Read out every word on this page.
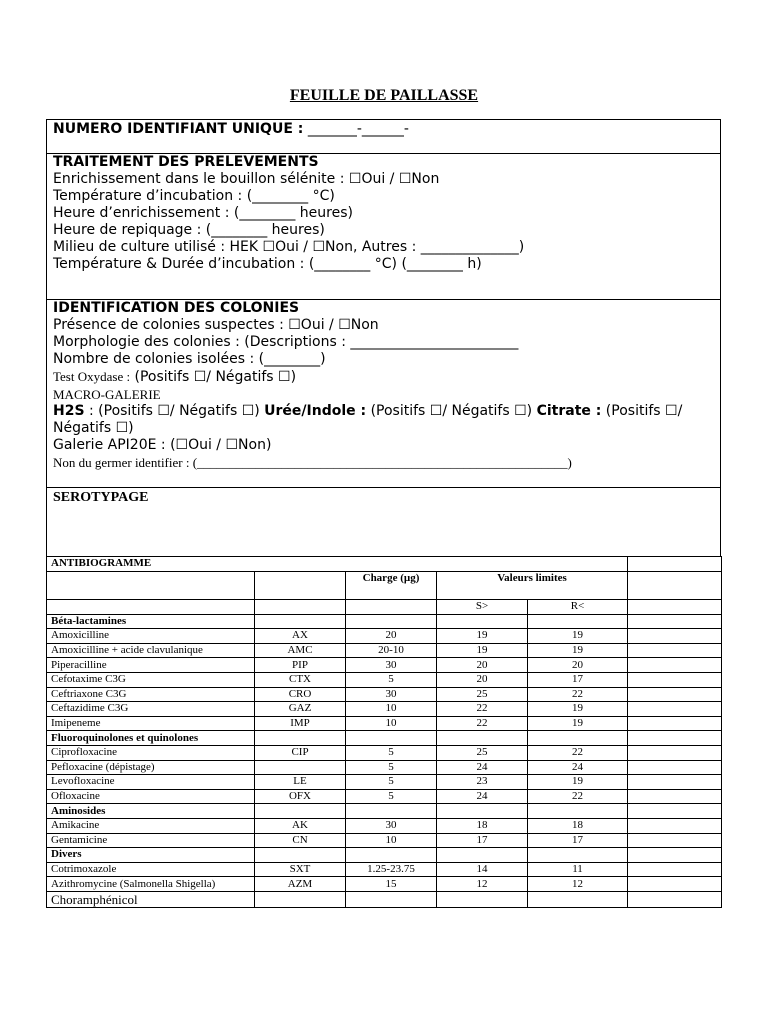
FEUILLE DE PAILLASSE

NUMERO IDENTIFIANT UNIQUE : _______-______-

TRAITEMENT DES PRELEVEMENTS

Enrichissement dans le bouillon sélénite : ☐Oui / ☐Non

Température d’incubation : (________ °C)

Heure d’enrichissement : (________ heures)

Heure de repiquage : (________ heures)

Milieu de culture utilisé : HEK ☐Oui / ☐Non, Autres : ______________)

Température & Durée d’incubation : (________ °C) (________ h)

IDENTIFICATION DES COLONIES

Présence de colonies suspectes : ☐Oui / ☐Non

Morphologie des colonies : (Descriptions : ________________________

Nombre de colonies isolées : (________)

Test Oxydase : (Positifs ☐/ Négatifs ☐)

MACRO-GALERIE

H2S : (Positifs ☐/ Négatifs ☐) Urée/Indole : (Positifs ☐/ Négatifs ☐) Citrate : (Positifs ☐/ Négatifs ☐)

Galerie API20E : (☐Oui / ☐Non)

Non du germer identifier : (_________________________________________________________)

SEROTYPAGE

ANTIBIOGRAMME					
		Charge (µg)	Valeurs limites		
			S>	R<	
Béta-lactamines					
Amoxicilline	AX	20	19	19	
Amoxicilline + acide clavulanique	AMC	20-10	19	19	
Piperacilline	PIP	30	20	20	
Cefotaxime C3G	CTX	5	20	17	
Ceftriaxone C3G	CRO	30	25	22	
Ceftazidime C3G	GAZ	10	22	19	
Imipeneme	IMP	10	22	19	
Fluoroquinolones et quinolones					
Ciprofloxacine	CIP	5	25	22	
Pefloxacine (dépistage)		5	24	24	
Levofloxacine	LE	5	23	19	
Ofloxacine	OFX	5	24	22	
Aminosides					
Amikacine	AK	30	18	18	
Gentamicine	CN	10	17	17	
Divers					
Cotrimoxazole	SXT	1.25-23.75	14	11	
Azithromycine (Salmonella Shigella)	AZM	15	12	12	
Choramphénicol					
